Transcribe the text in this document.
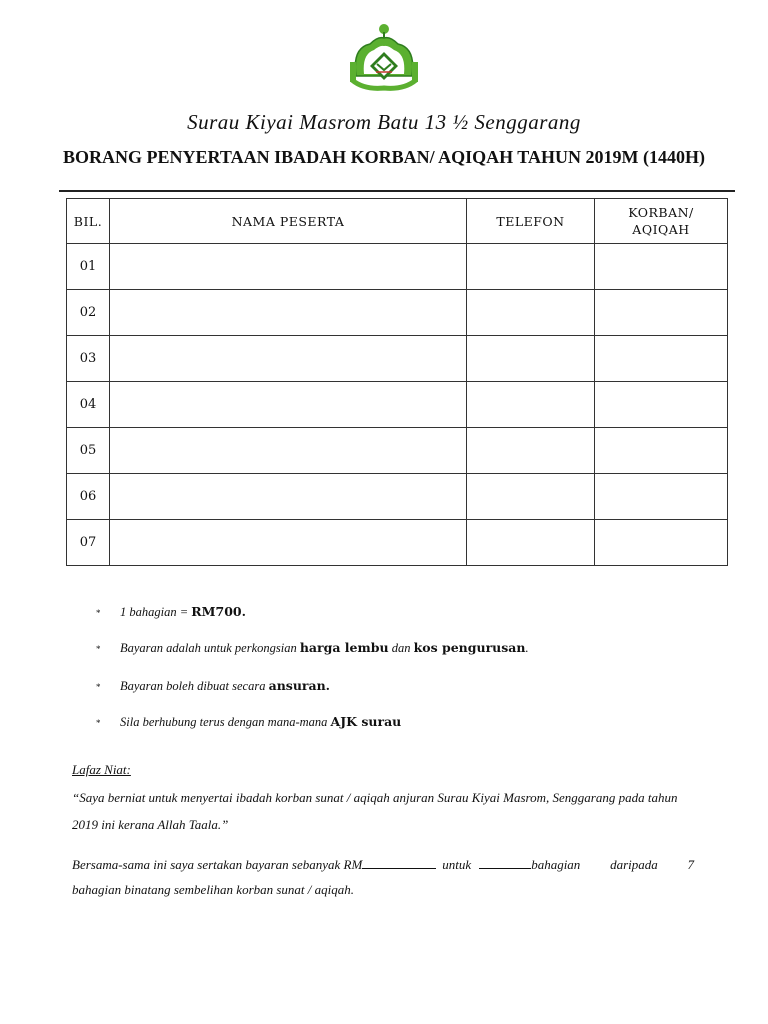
Surau Kiyai Masrom Batu 13 ½ Senggarang
BORANG PENYERTAAN IBADAH KORBAN/ AQIQAH TAHUN 2019M (1440H)
BIL.	NAMA PESERTA	TELEFON	KORBAN/
AQIQAH
01			
02			
03			
04			
05			
06			
07			
* 1 bahagian = RM700.
* Bayaran adalah untuk perkongsian harga lembu dan kos pengurusan.
* Bayaran boleh dibuat secara ansuran.
* Sila berhubung terus dengan mana-mana AJK surau
Lafaz Niat:
“Saya berniat untuk menyertai ibadah korban sunat / aqiqah anjuran Surau Kiyai Masrom, Senggarang pada tahun
2019 ini kerana Allah Taala.”
Bersama-sama ini saya sertakan bayaran sebanyak RM	untuk	bahagian daripada 7
bahagian binatang sembelihan korban sunat / aqiqah.
